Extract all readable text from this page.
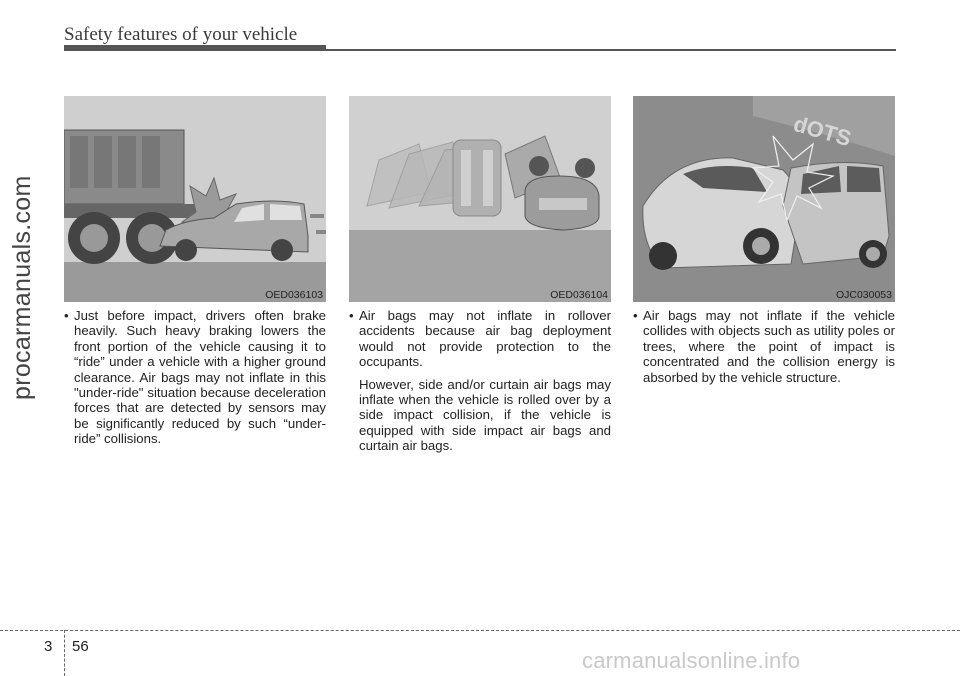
Safety features of your vehicle
procarmanuals.com	OED036103	OED036104
dOTS
OJC030053
• Just before impact, drivers often brake heavily. Such heavy braking lowers the front portion of the vehicle causing it to “ride” under a vehicle with a higher ground clearance. Air bags may not inflate in this "under-ride" situation because deceleration forces that are detected by sensors may be significantly reduced by such “under-ride” collisions.
• Air bags may not inflate in rollover accidents because air bag deployment would not provide protection to the occupants.

However, side and/or curtain air bags may inflate when the vehicle is rolled over by a side impact collision, if the vehicle is equipped with side impact air bags and curtain air bags.

• Air bags may not inflate if the vehicle collides with objects such as utility poles or trees, where the point of impact is concentrated and the collision energy is absorbed by the vehicle structure.
3 56
carmanualsonline.info
